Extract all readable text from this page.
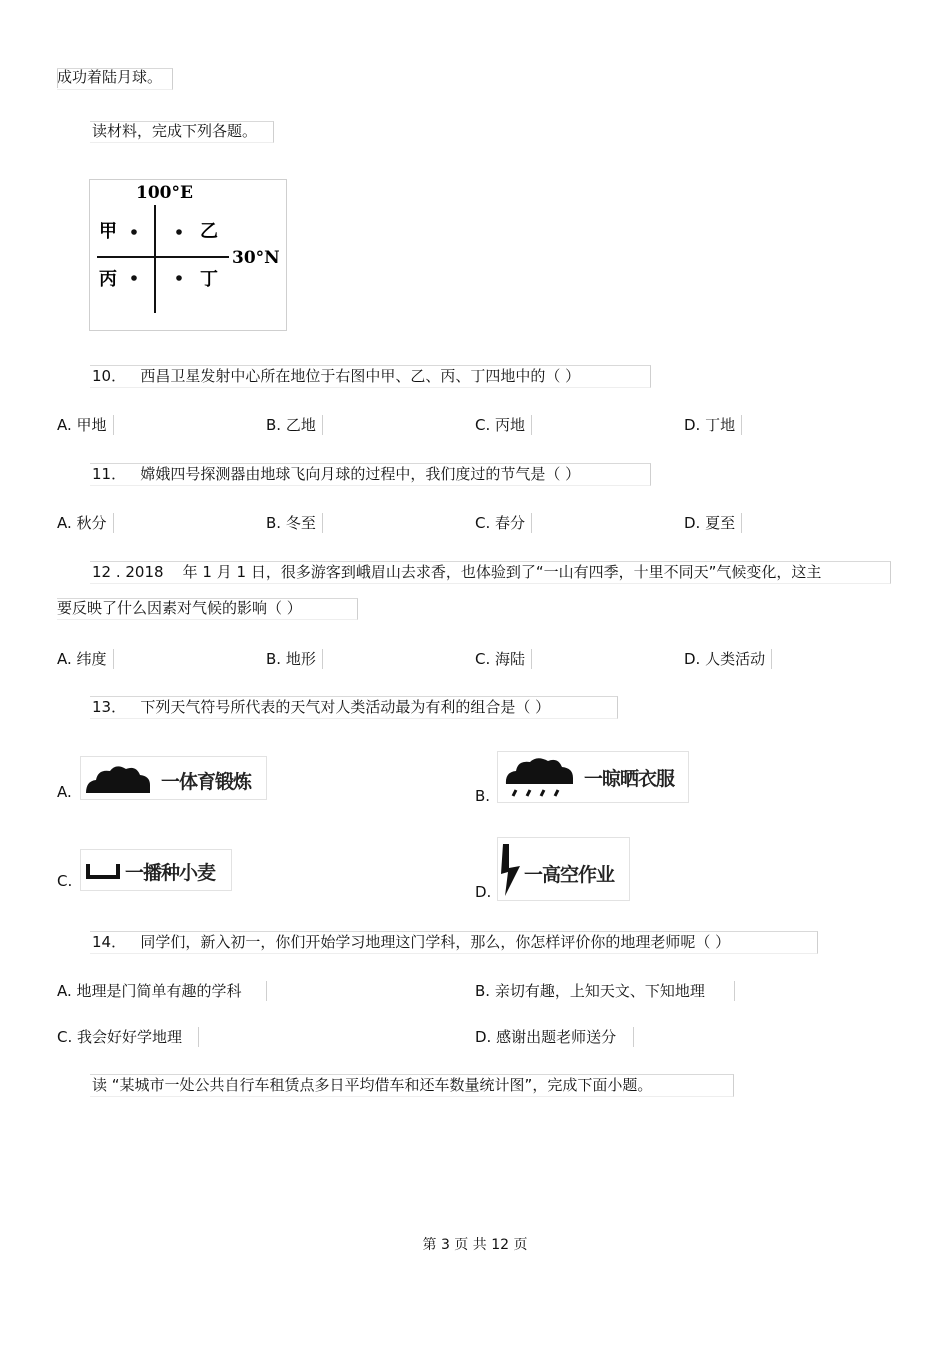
成功着陆月球。
读材料，完成下列各题。
100°E
30°N
甲	乙
丙	丁
10． 西昌卫星发射中心所在地位于右图中甲、乙、丙、丁四地中的（ ）
A. 甲地	B. 乙地	C. 丙地	D. 丁地
11． 嫦娥四号探测器由地球飞向月球的过程中，我们度过的节气是（ ）
A. 秋分	B. 冬至	C. 春分	D. 夏至
12 . 2018 年 1 月 1 日，很多游客到峨眉山去求香，也体验到了“一山有四季，十里不同天”气候变化，这主
要反映了什么因素对气候的影响（ ）
A. 纬度	B. 地形	C. 海陆	D. 人类活动
13． 下列天气符号所代表的天气对人类活动最为有利的组合是（ ）
A.	一体育锻炼
B.
一晾晒衣服
C.	一播种小麦
D.
一高空作业
14． 同学们，新入初一，你们开始学习地理这门学科，那么，你怎样评价你的地理老师呢（ ）
A. 地理是门简单有趣的学科	B. 亲切有趣，上知天文、下知地理
C. 我会好好学地理	D. 感谢出题老师送分
读 “某城市一处公共自行车租赁点多日平均借车和还车数量统计图”，完成下面小题。
第 3 页 共 12 页
